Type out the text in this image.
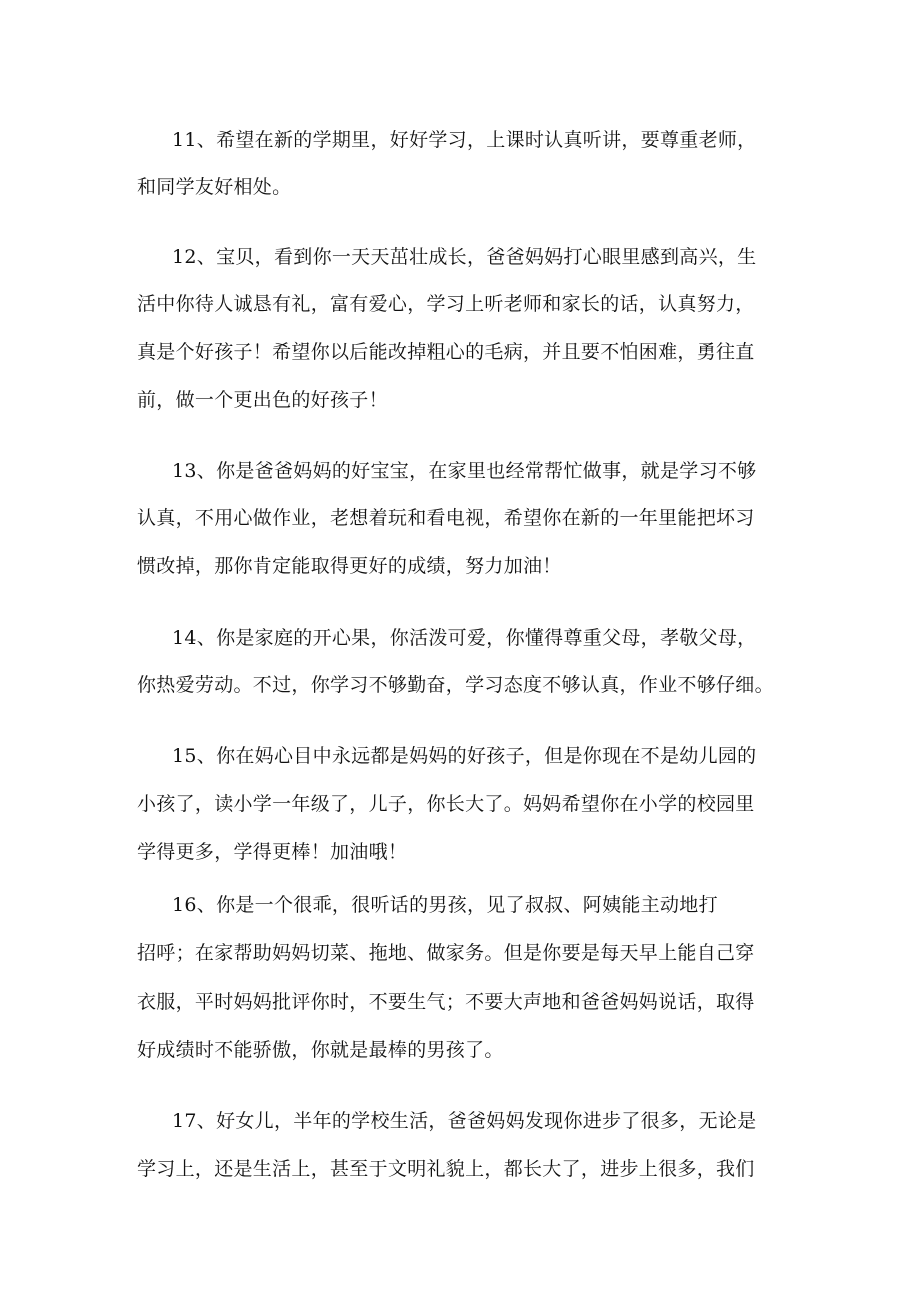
11、希望在新的学期里，好好学习，上课时认真听讲，要尊重老师，

和同学友好相处。

12、宝贝，看到你一天天茁壮成长，爸爸妈妈打心眼里感到高兴，生

活中你待人诚恳有礼，富有爱心，学习上听老师和家长的话，认真努力，

真是个好孩子！希望你以后能改掉粗心的毛病，并且要不怕困难，勇往直

前，做一个更出色的好孩子！

13、你是爸爸妈妈的好宝宝，在家里也经常帮忙做事，就是学习不够

认真，不用心做作业，老想着玩和看电视，希望你在新的一年里能把坏习

惯改掉，那你肯定能取得更好的成绩，努力加油！

14、你是家庭的开心果，你活泼可爱，你懂得尊重父母，孝敬父母，

你热爱劳动。不过，你学习不够勤奋，学习态度不够认真，作业不够仔细。

15、你在妈心目中永远都是妈妈的好孩子，但是你现在不是幼儿园的

小孩了，读小学一年级了，儿子，你长大了。妈妈希望你在小学的校园里

学得更多，学得更棒！加油哦！

16、你是一个很乖，很听话的男孩，见了叔叔、阿姨能主动地打

招呼；在家帮助妈妈切菜、拖地、做家务。但是你要是每天早上能自己穿

衣服，平时妈妈批评你时，不要生气；不要大声地和爸爸妈妈说话，取得

好成绩时不能骄傲，你就是最棒的男孩了。

17、好女儿，半年的学校生活，爸爸妈妈发现你进步了很多，无论是

学习上，还是生活上，甚至于文明礼貌上，都长大了，进步上很多，我们
